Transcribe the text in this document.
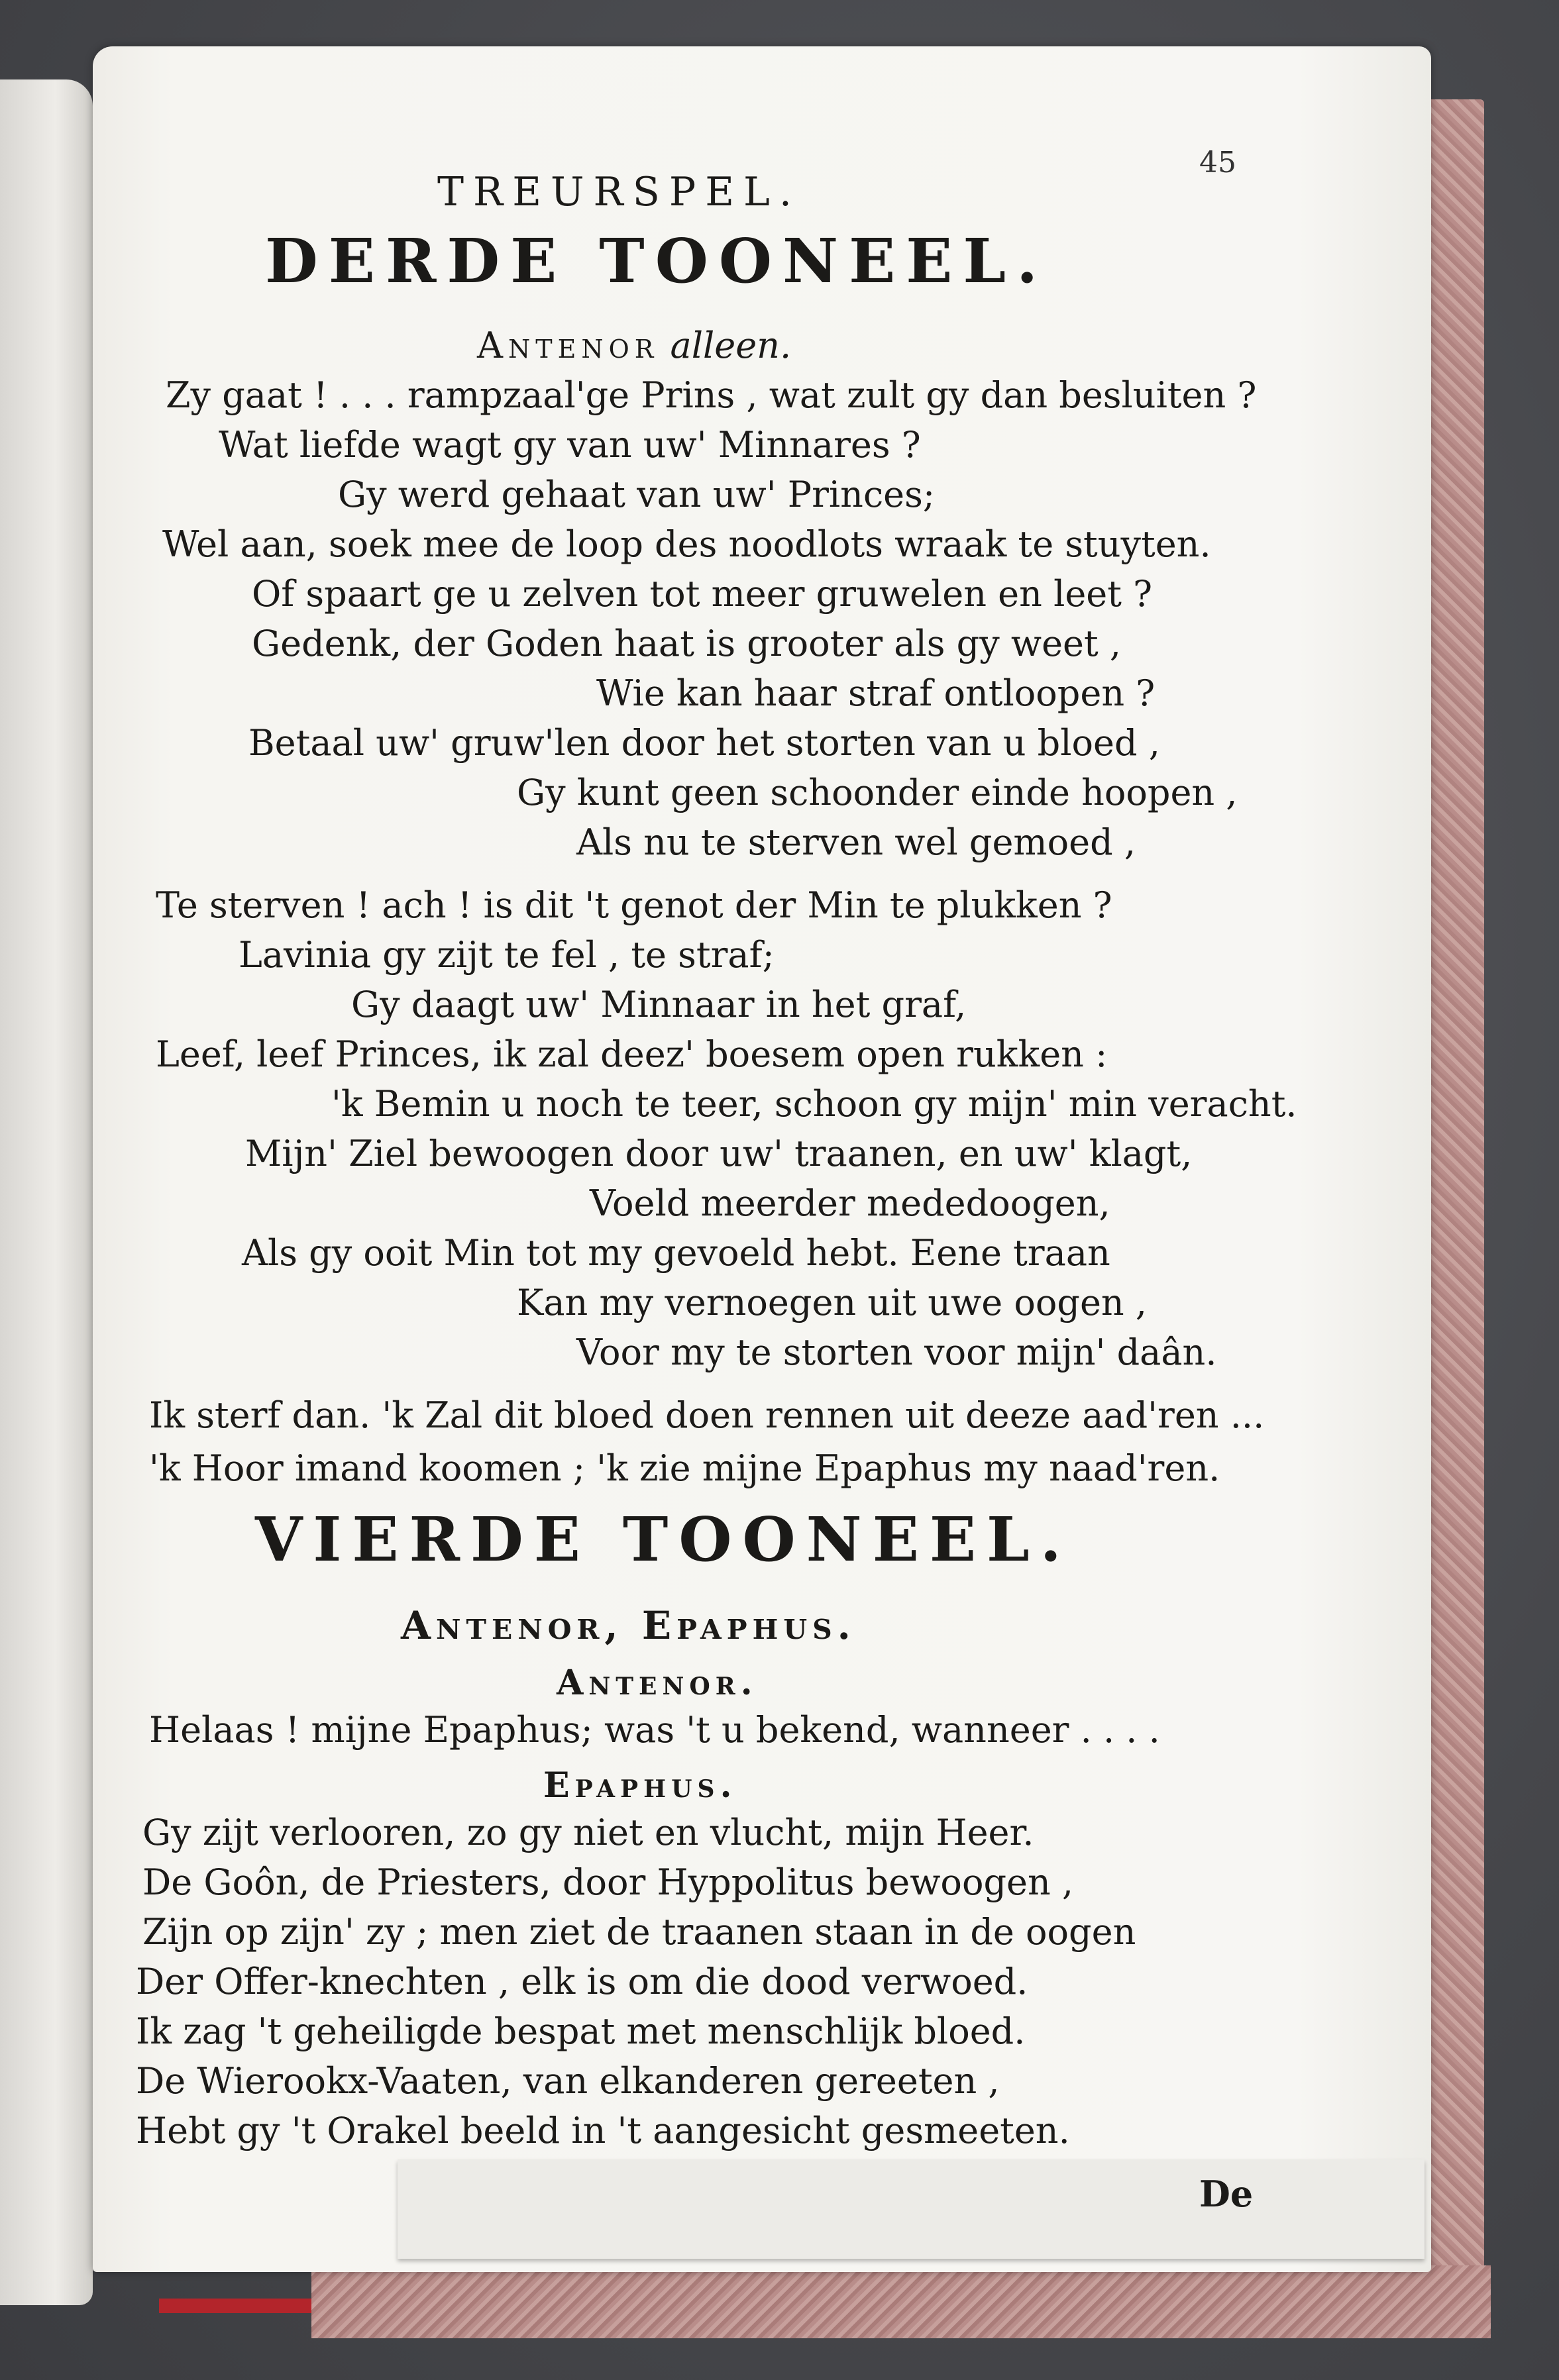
TREURSPEL.
45
DERDE TOONEEL.
Antenor alleen.
Zy gaat ! . . . rampzaal'ge Prins , wat zult gy dan besluiten ?
Wat liefde wagt gy van uw' Minnares ?
Gy werd gehaat van uw' Princes;
Wel aan, soek mee de loop des noodlots wraak te stuyten.
Of spaart ge u zelven tot meer gruwelen en leet ?
Gedenk, der Goden haat is grooter als gy weet ,
Wie kan haar straf ontloopen ?
Betaal uw' gruw'len door het storten van u bloed ,
Gy kunt geen schoonder einde hoopen ,
Als nu te sterven wel gemoed ,
Te sterven ! ach ! is dit 't genot der Min te plukken ?
Lavinia gy zijt te fel , te straf;
Gy daagt uw' Minnaar in het graf,
Leef, leef Princes, ik zal deez' boesem open rukken :
'k Bemin u noch te teer, schoon gy mijn' min veracht.
Mijn' Ziel bewoogen door uw' traanen, en uw' klagt,
Voeld meerder mededoogen,
Als gy ooit Min tot my gevoeld hebt. Eene traan
Kan my vernoegen uit uwe oogen ,
Voor my te storten voor mijn' daân.
Ik sterf dan. 'k Zal dit bloed doen rennen uit deeze aad'ren ...
'k Hoor imand koomen ; 'k zie mijne Epaphus my naad'ren.
VIERDE TOONEEL.
Antenor, Epaphus.
Antenor.
Helaas ! mijne Epaphus; was 't u bekend, wanneer . . . .
Epaphus.
Gy zijt verlooren, zo gy niet en vlucht, mijn Heer.
De Goôn, de Priesters, door Hyppolitus bewoogen ,
Zijn op zijn' zy ; men ziet de traanen staan in de oogen
Der Offer-knechten , elk is om die dood verwoed.
Ik zag 't geheiligde bespat met menschlijk bloed.
De Wierookx-Vaaten, van elkanderen gereeten ,
Hebt gy 't Orakel beeld in 't aangesicht gesmeeten.
De
